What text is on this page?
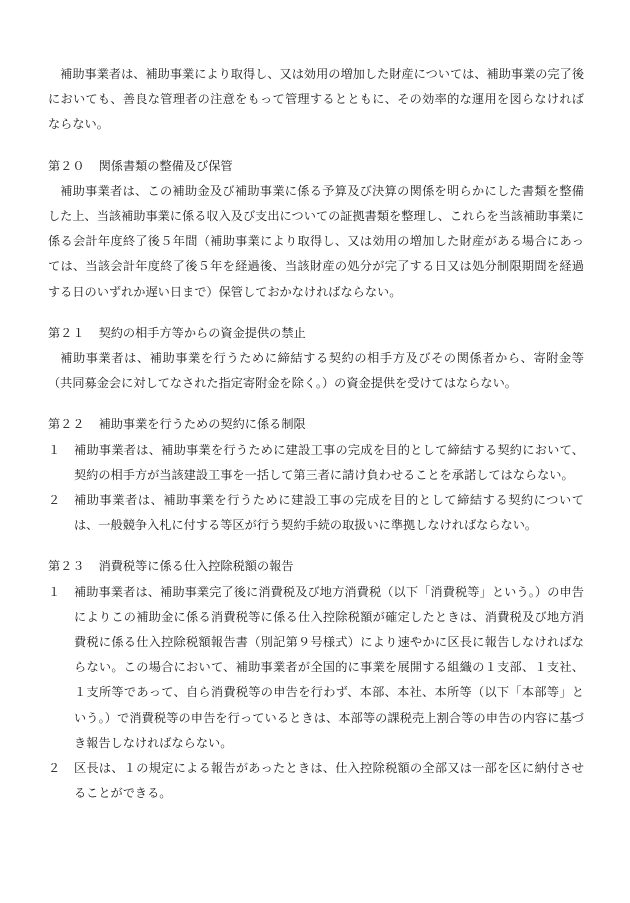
　補助事業者は、補助事業により取得し、又は効用の増加した財産については、補助事業の完了後においても、善良な管理者の注意をもって管理するとともに、その効率的な運用を図らなければならない。

第２０ 関係書類の整備及び保管

補助事業者は、この補助金及び補助事業に係る予算及び決算の関係を明らかにした書類を整備した上、当該補助事業に係る収入及び支出についての証拠書類を整理し、これらを当該補助事業に係る会計年度終了後５年間（補助事業により取得し、又は効用の増加した財産がある場合にあっては、当該会計年度終了後５年を経過後、当該財産の処分が完了する日又は処分制限期間を経過する日のいずれか遅い日まで）保管しておかなければならない。

第２１ 契約の相手方等からの資金提供の禁止

補助事業者は、補助事業を行うために締結する契約の相手方及びその関係者から、寄附金等（共同募金会に対してなされた指定寄附金を除く。）の資金提供を受けてはならない。

第２２ 補助事業を行うための契約に係る制限

１	補助事業者は、補助事業を行うために建設工事の完成を目的として締結する契約において、契約の相手方が当該建設工事を一括して第三者に請け負わせることを承諾してはならない。

２	補助事業者は、補助事業を行うために建設工事の完成を目的として締結する契約については、一般競争入札に付する等区が行う契約手続の取扱いに準拠しなければならない。

第２３ 消費税等に係る仕入控除税額の報告

１	補助事業者は、補助事業完了後に消費税及び地方消費税（以下「消費税等」という。）の申告によりこの補助金に係る消費税等に係る仕入控除税額が確定したときは、消費税及び地方消費税に係る仕入控除税額報告書（別記第９号様式）により速やかに区長に報告しなければならない。この場合において、補助事業者が全国的に事業を展開する組織の１支部、１支社、１支所等であって、自ら消費税等の申告を行わず、本部、本社、本所等（以下「本部等」という。）で消費税等の申告を行っているときは、本部等の課税売上割合等の申告の内容に基づき報告しなければならない。

２	区長は、１の規定による報告があったときは、仕入控除税額の全部又は一部を区に納付させることができる。
